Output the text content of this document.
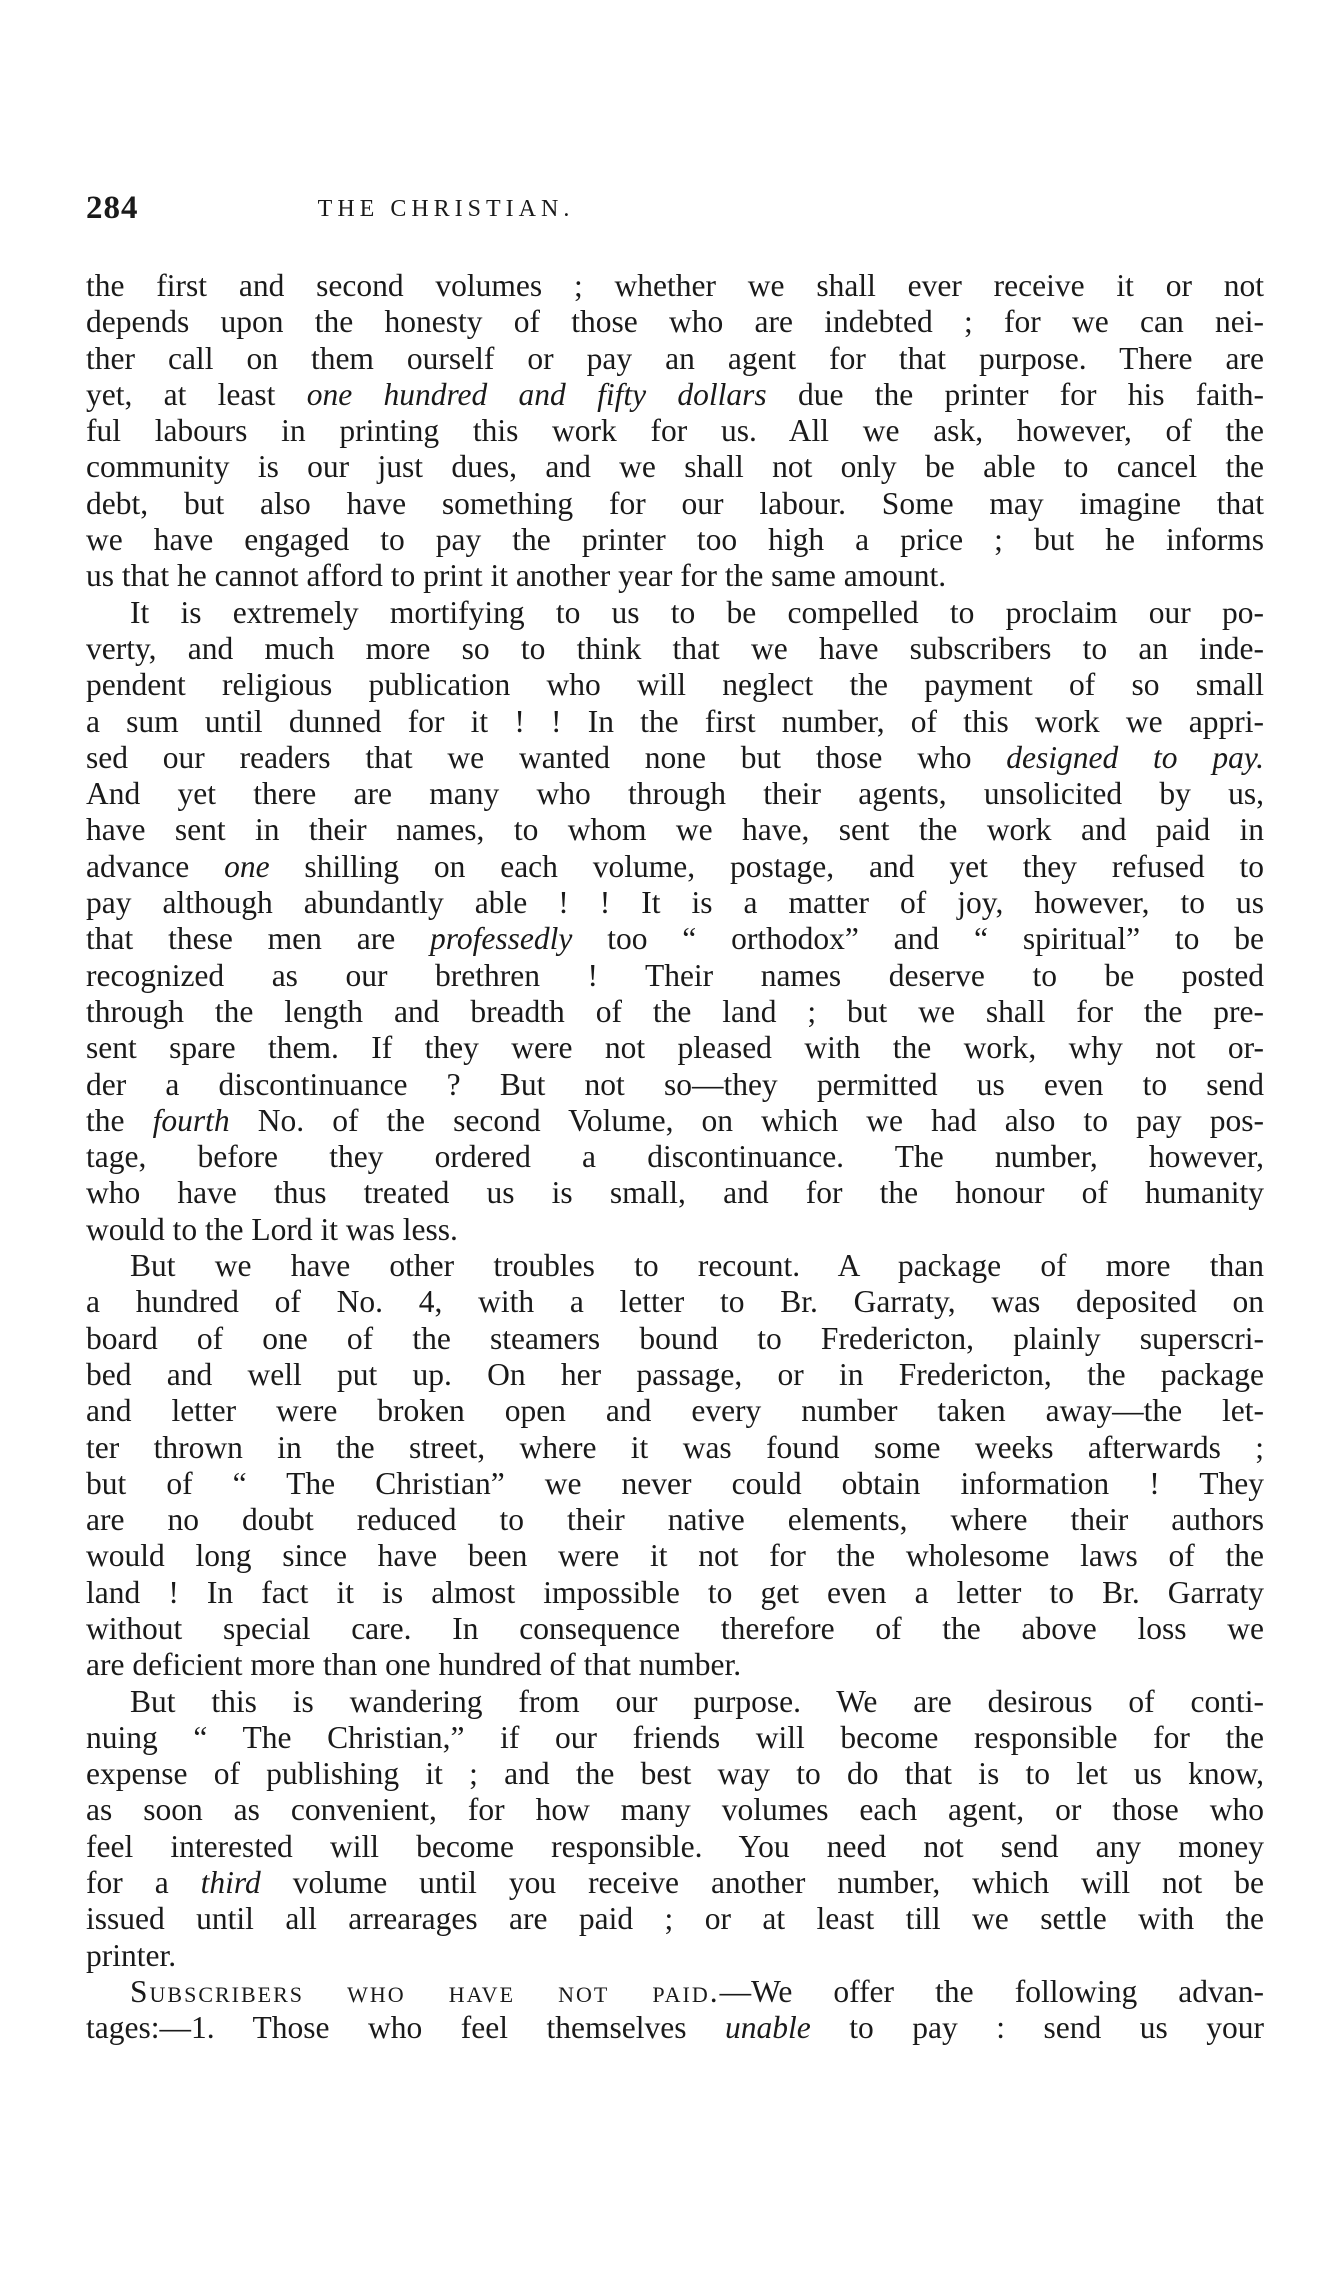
284	THE CHRISTIAN.
the first and second volumes ; whether we shall ever receive it or not
depends upon the honesty of those who are indebted ; for we can nei-
ther call on them ourself or pay an agent for that purpose. There are
yet, at least one hundred and fifty dollars due the printer for his faith-
ful labours in printing this work for us. All we ask, however, of the
community is our just dues, and we shall not only be able to cancel the
debt, but also have something for our labour. Some may imagine that
we have engaged to pay the printer too high a price ; but he informs
us that he cannot afford to print it another year for the same amount.
It is extremely mortifying to us to be compelled to proclaim our po-
verty, and much more so to think that we have subscribers to an inde-
pendent religious publication who will neglect the payment of so small
a sum until dunned for it ! ! In the first number, of this work we appri-
sed our readers that we wanted none but those who designed to pay.
And yet there are many who through their agents, unsolicited by us,
have sent in their names, to whom we have, sent the work and paid in
advance one shilling on each volume, postage, and yet they refused to
pay although abundantly able ! ! It is a matter of joy, however, to us
that these men are professedly too “ orthodox” and “ spiritual” to be
recognized as our brethren ! Their names deserve to be posted
through the length and breadth of the land ; but we shall for the pre-
sent spare them. If they were not pleased with the work, why not or-
der a discontinuance ? But not so—they permitted us even to send
the fourth No. of the second Volume, on which we had also to pay pos-
tage, before they ordered a discontinuance. The number, however,
who have thus treated us is small, and for the honour of humanity
would to the Lord it was less.
But we have other troubles to recount. A package of more than
a hundred of No. 4, with a letter to Br. Garraty, was deposited on
board of one of the steamers bound to Fredericton, plainly superscri-
bed and well put up. On her passage, or in Fredericton, the package
and letter were broken open and every number taken away—the let-
ter thrown in the street, where it was found some weeks afterwards ;
but of “ The Christian” we never could obtain information ! They
are no doubt reduced to their native elements, where their authors
would long since have been were it not for the wholesome laws of the
land ! In fact it is almost impossible to get even a letter to Br. Garraty
without special care. In consequence therefore of the above loss we
are deficient more than one hundred of that number.
But this is wandering from our purpose. We are desirous of conti-
nuing “ The Christian,” if our friends will become responsible for the
expense of publishing it ; and the best way to do that is to let us know,
as soon as convenient, for how many volumes each agent, or those who
feel interested will become responsible. You need not send any money
for a third volume until you receive another number, which will not be
issued until all arrearages are paid ; or at least till we settle with the
printer.
Subscribers who have not paid.—We offer the following advan-
tages:—1. Those who feel themselves unable to pay : send us your
